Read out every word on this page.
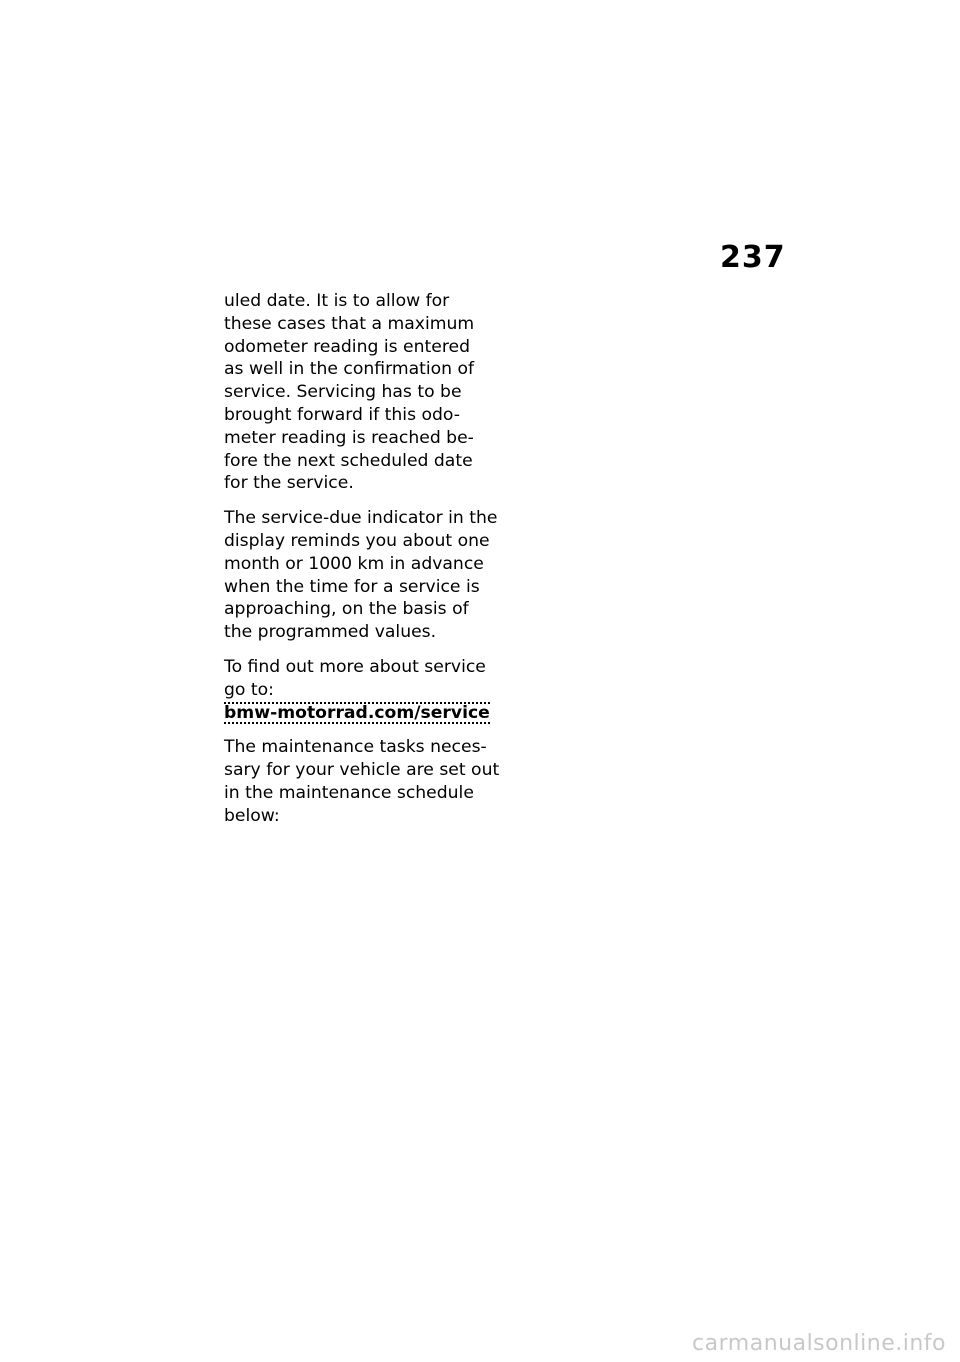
237

uled date. It is to allow for
these cases that a maximum
odometer reading is entered
as well in the confirmation of
service. Servicing has to be
brought forward if this odo-
meter reading is reached be-
fore the next scheduled date
for the service.

The service-due indicator in the
display reminds you about one
month or 1000 km in advance
when the time for a service is
approaching, on the basis of
the programmed values.

To find out more about service
go to:
bmw-motorrad.com/service

The maintenance tasks neces-
sary for your vehicle are set out
in the maintenance schedule
below:

carmanualsonline.info
